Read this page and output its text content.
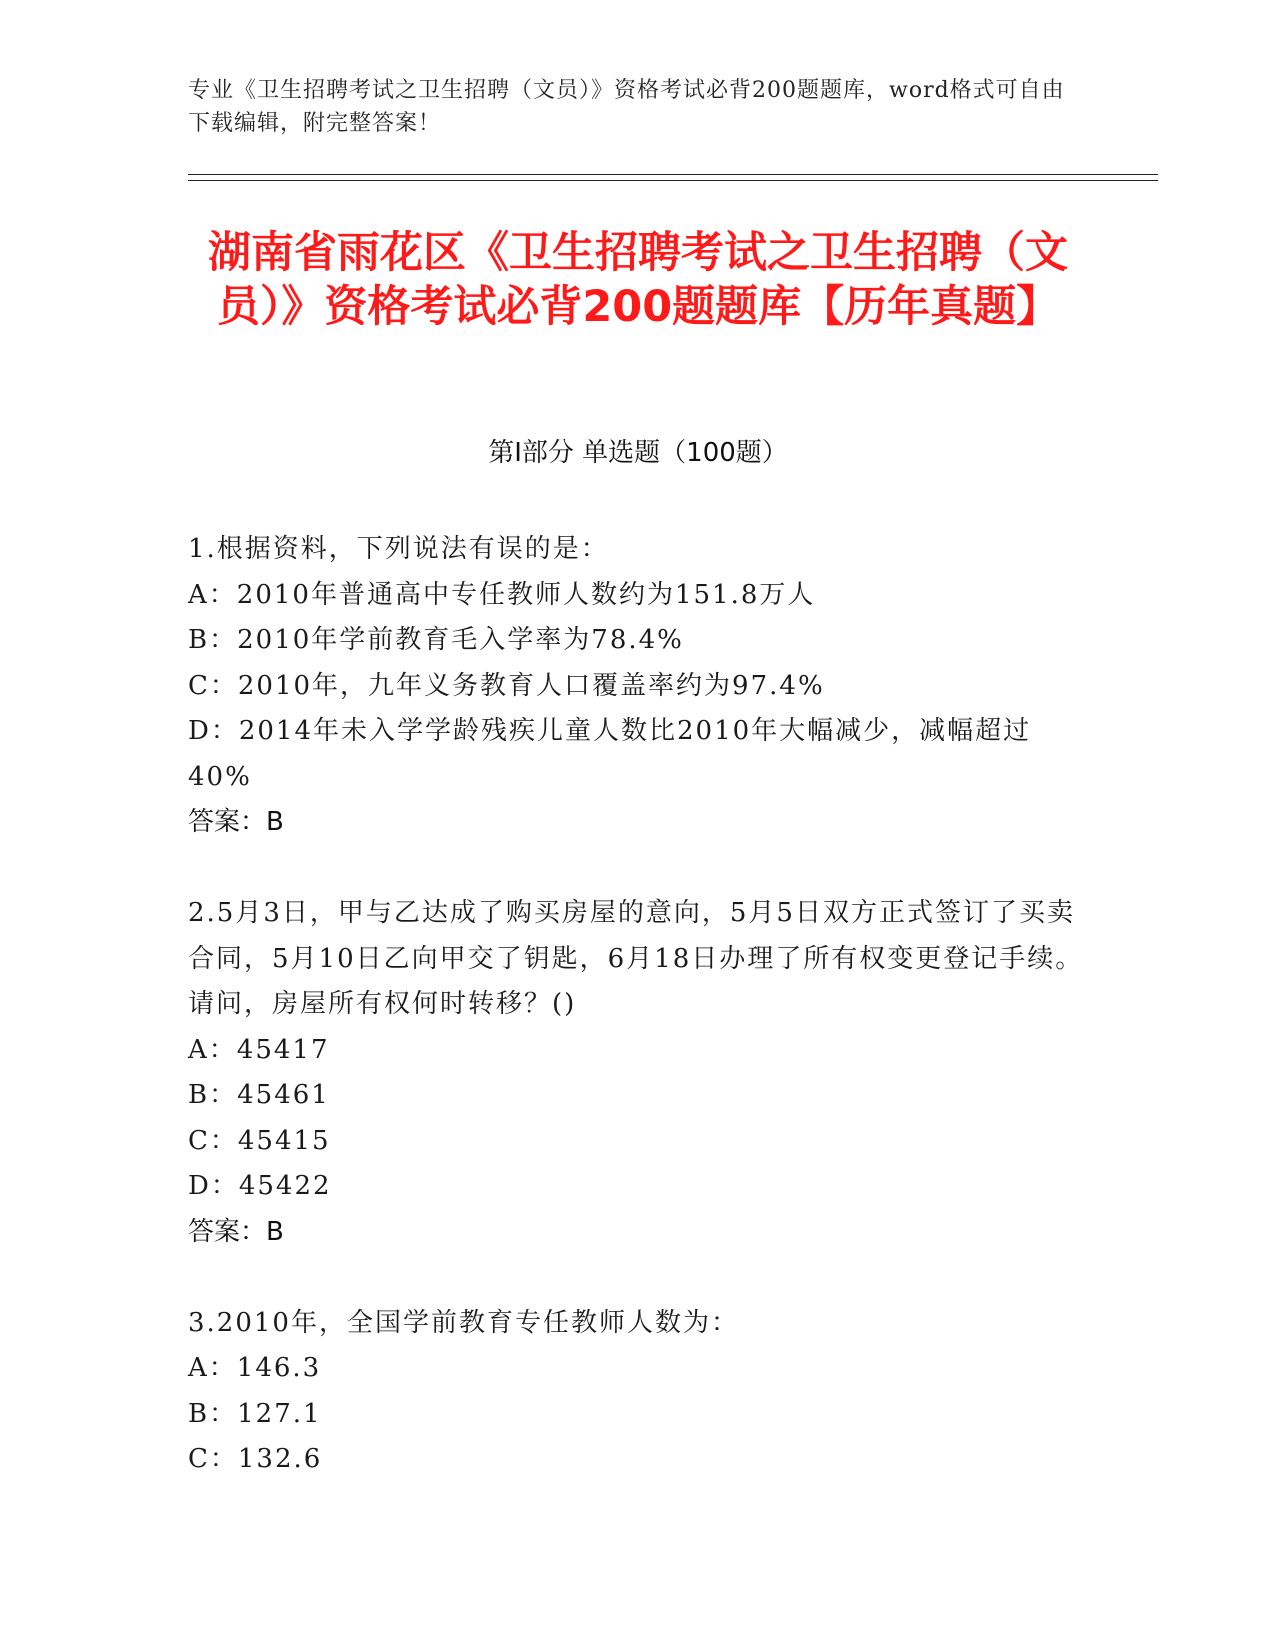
专业《卫生招聘考试之卫生招聘（文员）》资格考试必背200题题库，word格式可自由下载编辑，附完整答案！
湖南省雨花区《卫生招聘考试之卫生招聘（文员）》资格考试必背200题题库【历年真题】
第I部分 单选题（100题）

1.根据资料，下列说法有误的是：

A：2010年普通高中专任教师人数约为151.8万人

B：2010年学前教育毛入学率为78.4%

C：2010年，九年义务教育人口覆盖率约为97.4%

D：2014年未入学学龄残疾儿童人数比2010年大幅减少，减幅超过40%

答案：B

2.5月3日，甲与乙达成了购买房屋的意向，5月5日双方正式签订了买卖合同，5月10日乙向甲交了钥匙，6月18日办理了所有权变更登记手续。请问，房屋所有权何时转移？()

A：45417

B：45461

C：45415

D：45422

答案：B

3.2010年，全国学前教育专任教师人数为：

A：146.3

B：127.1

C：132.6
